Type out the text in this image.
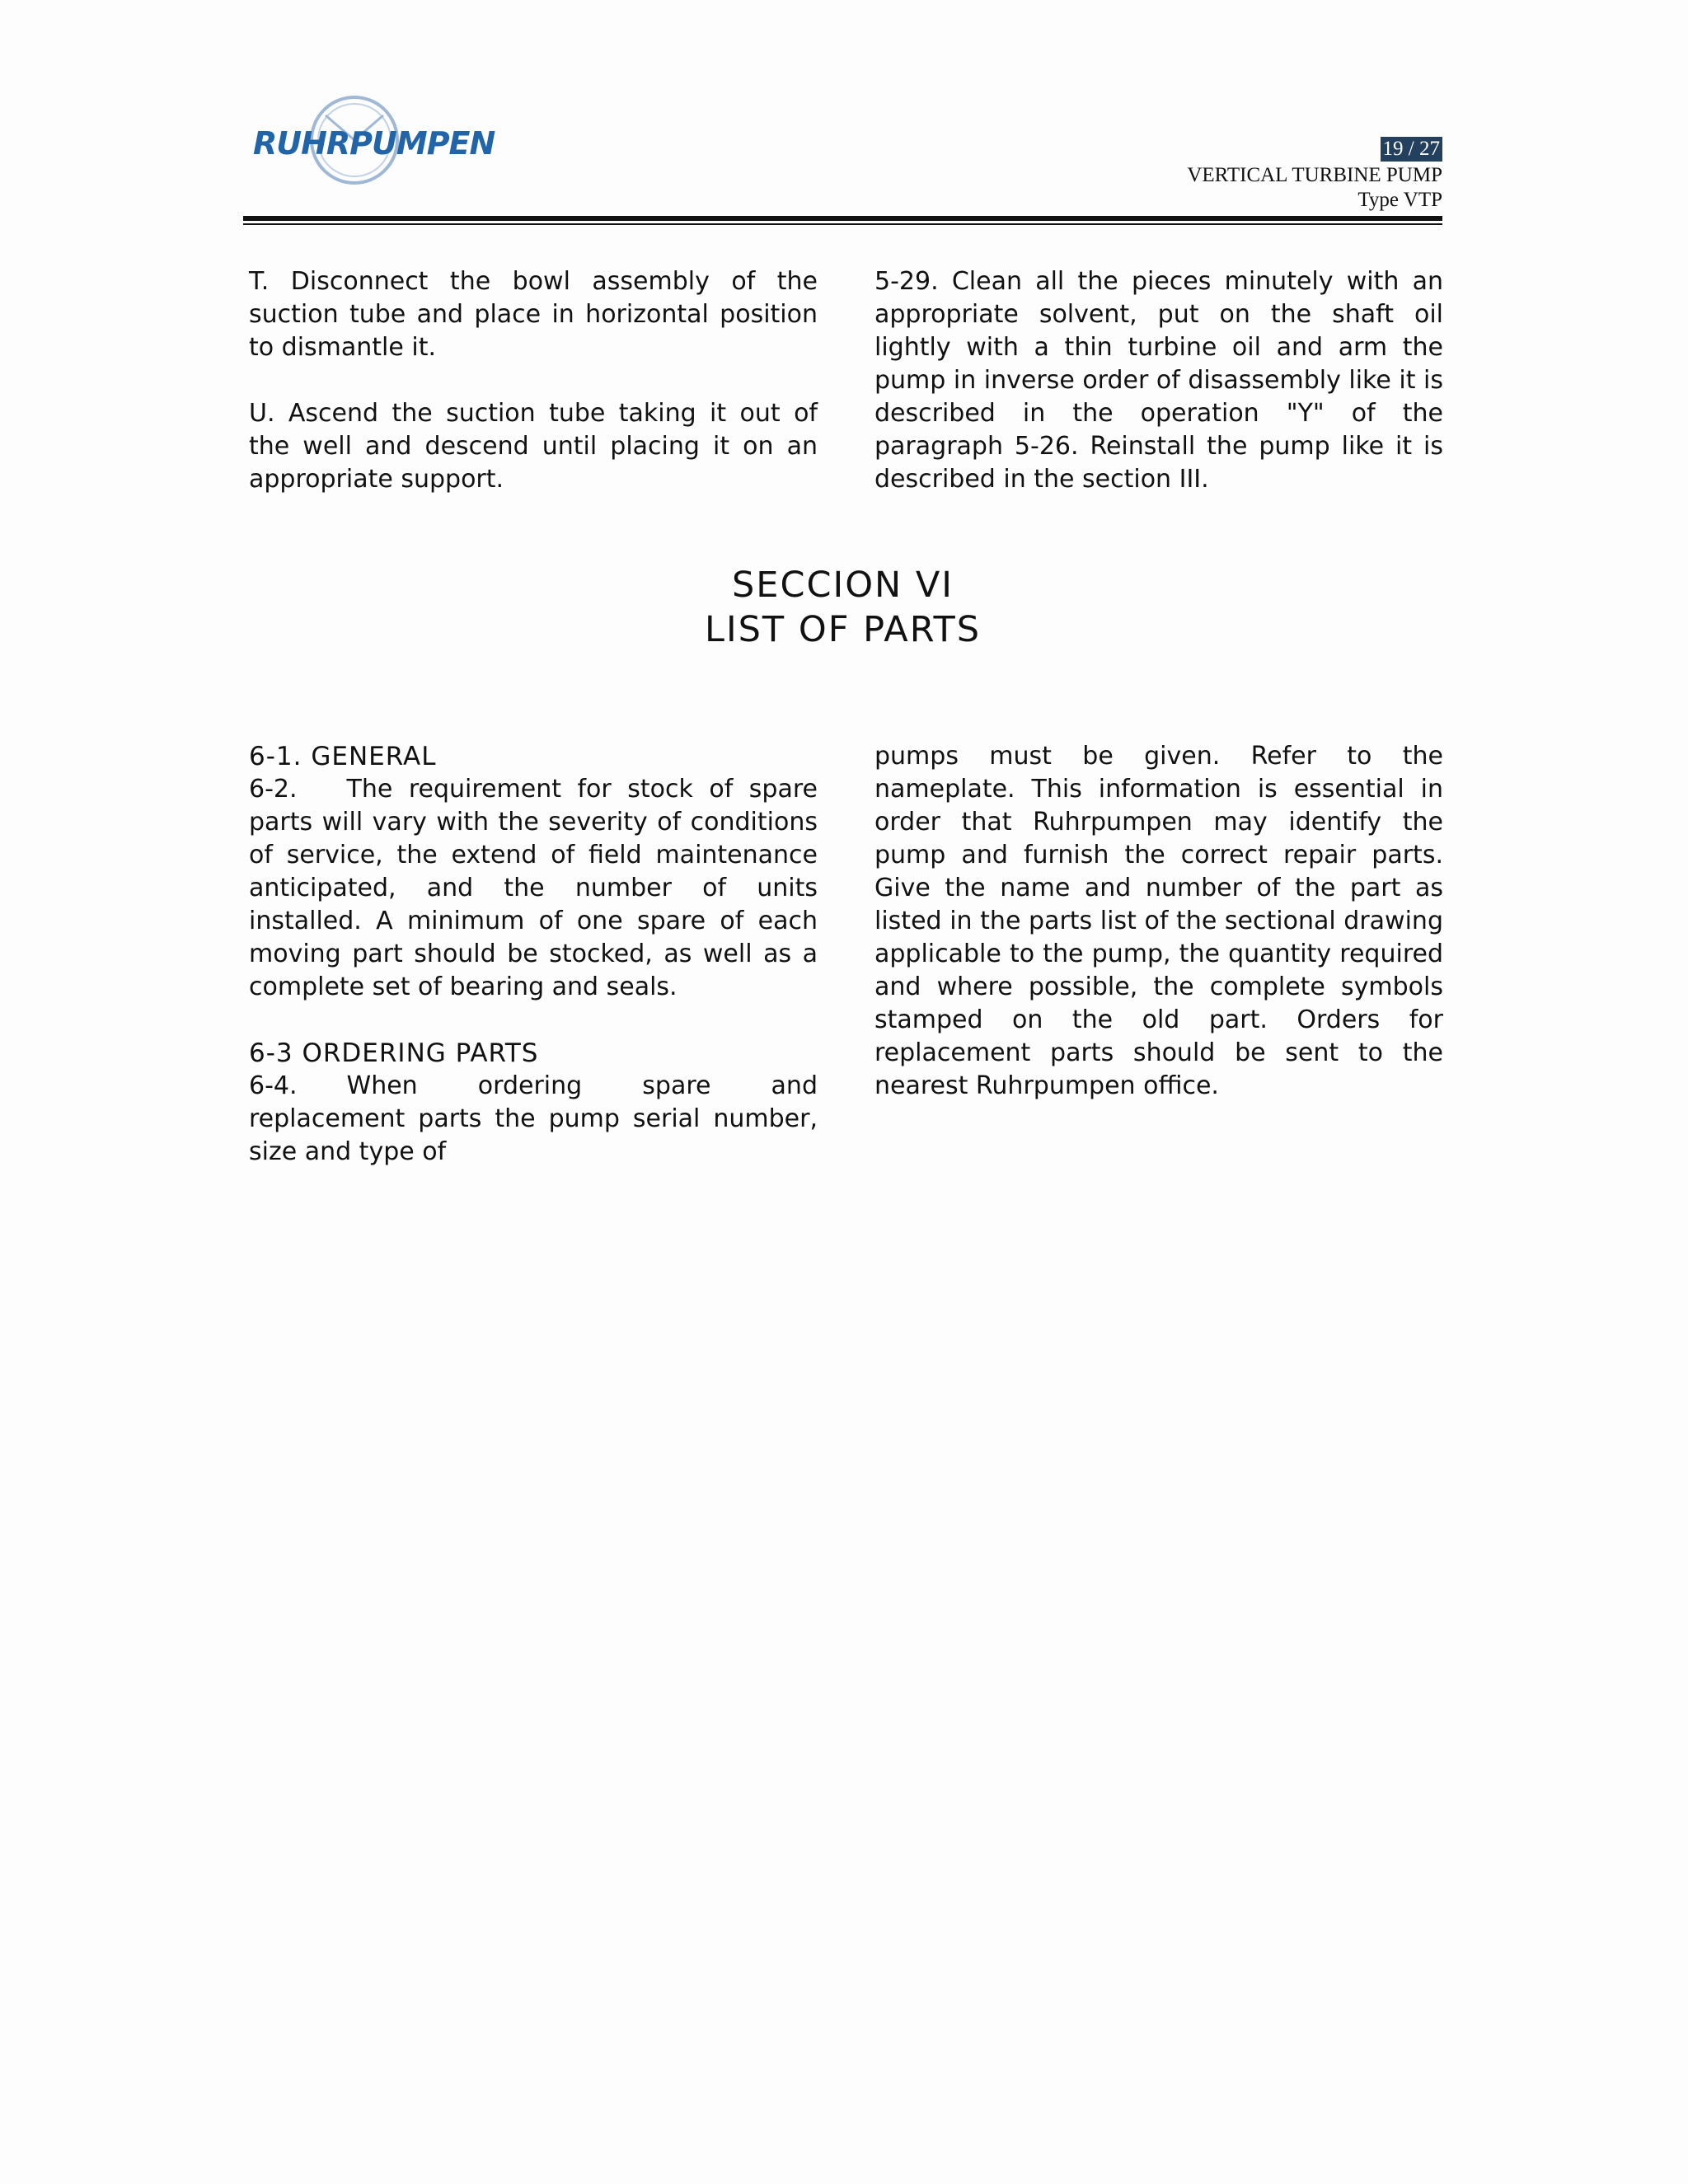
RUHRPUMPEN	19 / 27
VERTICAL TURBINE PUMP
Type VTP

T. Disconnect the bowl assembly of the suction tube and place in horizontal position to dismantle it.

U. Ascend the suction tube taking it out of the well and descend until placing it on an appropriate support.

5-29. Clean all the pieces minutely with an appropriate solvent, put on the shaft oil lightly with a thin turbine oil and arm the pump in inverse order of disassembly like it is described in the operation "Y" of the paragraph 5-26. Reinstall the pump like it is described in the section III.

SECCION VI
LIST OF PARTS
6-1. GENERAL

6-2. The requirement for stock of spare parts will vary with the severity of conditions of service, the extend of field maintenance anticipated, and the number of units installed. A minimum of one spare of each moving part should be stocked, as well as a complete set of bearing and seals.

6-3 ORDERING PARTS

6-4. When ordering spare and replacement parts the pump serial number, size and type of

pumps must be given. Refer to the nameplate. This information is essential in order that Ruhrpumpen may identify the pump and furnish the correct repair parts. Give the name and number of the part as listed in the parts list of the sectional drawing applicable to the pump, the quantity required and where possible, the complete symbols stamped on the old part. Orders for replacement parts should be sent to the nearest Ruhrpumpen office.
